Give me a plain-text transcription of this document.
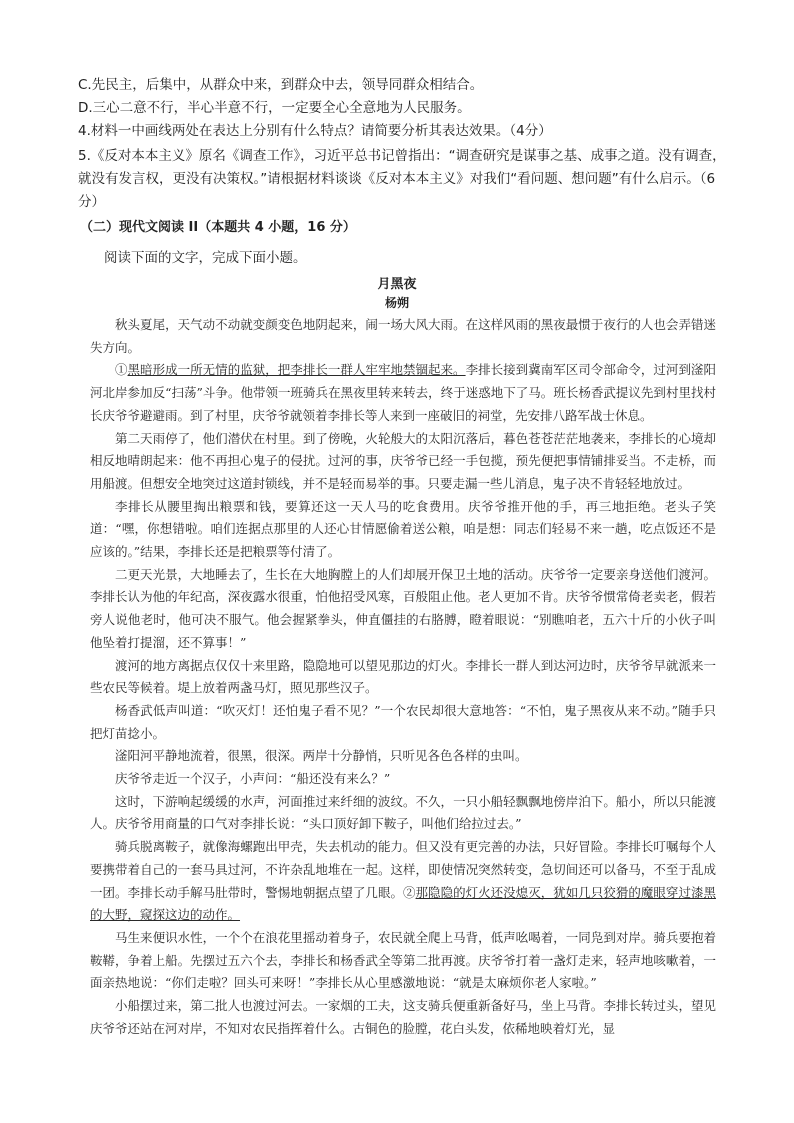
C.先民主，后集中，从群众中来，到群众中去，领导同群众相结合。

D.三心二意不行，半心半意不行，一定要全心全意地为人民服务。

4.材料一中画线两处在表达上分别有什么特点？请简要分析其表达效果。（4分）

5.《反对本本主义》原名《调查工作》，习近平总书记曾指出：“调查研究是谋事之基、成事之道。没有调查，就没有发言权，更没有决策权。”请根据材料谈谈《反对本本主义》对我们“看问题、想问题”有什么启示。（6分）

（二）现代文阅读 II（本题共 4 小题，16 分）

阅读下面的文字，完成下面小题。

月黑夜

杨朔

秋头夏尾，天气动不动就变颜变色地阴起来，闹一场大风大雨。在这样风雨的黑夜最惯于夜行的人也会弄错迷失方向。

①黑暗形成一所无情的监狱，把李排长一群人牢牢地禁锢起来。李排长接到冀南军区司令部命令，过河到滏阳河北岸参加反“扫荡”斗争。他带领一班骑兵在黑夜里转来转去，终于迷惑地下了马。班长杨香武提议先到村里找村长庆爷爷避避雨。到了村里，庆爷爷就领着李排长等人来到一座破旧的祠堂，先安排八路军战士休息。

第二天雨停了，他们潜伏在村里。到了傍晚，火轮般大的太阳沉落后，暮色苍苍茫茫地袭来，李排长的心境却相反地晴朗起来：他不再担心鬼子的侵扰。过河的事，庆爷爷已经一手包揽，预先便把事情铺排妥当。不走桥，而用船渡。但想安全地突过这道封锁线，并不是轻而易举的事。只要走漏一些儿消息，鬼子决不肯轻轻地放过。

李排长从腰里掏出粮票和钱，要算还这一天人马的吃食费用。庆爷爷推开他的手，再三地拒绝。老头子笑道：“嘿，你想错啦。咱们连据点那里的人还心甘情愿偷着送公粮，咱是想：同志们轻易不来一趟，吃点饭还不是应该的。”结果，李排长还是把粮票等付清了。

二更天光景，大地睡去了，生长在大地胸膛上的人们却展开保卫土地的活动。庆爷爷一定要亲身送他们渡河。李排长认为他的年纪高，深夜露水很重，怕他招受风寒，百般阻止他。老人更加不肯。庆爷爷惯常倚老卖老，假若旁人说他老时，他可决不服气。他会握紧拳头，伸直僵挂的右胳膊，瞪着眼说：“别瞧咱老，五六十斤的小伙子叫他坠着打提溜，还不算事！”

渡河的地方离据点仅仅十来里路，隐隐地可以望见那边的灯火。李排长一群人到达河边时，庆爷爷早就派来一些农民等候着。堤上放着两盏马灯，照见那些汉子。

杨香武低声叫道：“吹灭灯！还怕鬼子看不见？”一个农民却很大意地答：“不怕，鬼子黑夜从来不动。”随手只把灯苗捻小。

滏阳河平静地流着，很黑，很深。两岸十分静悄，只听见各色各样的虫叫。

庆爷爷走近一个汉子，小声问：“船还没有来么？”

这时，下游响起缓缓的水声，河面推过来纤细的波纹。不久，一只小船轻飘飘地傍岸泊下。船小，所以只能渡人。庆爷爷用商量的口气对李排长说：“头口顶好卸下鞍子，叫他们给拉过去。”

骑兵脱离鞍子，就像海螺跑出甲壳，失去机动的能力。但又没有更完善的办法，只好冒险。李排长叮嘱每个人要携带着自己的一套马具过河，不许杂乱地堆在一起。这样，即使情况突然转变，急切间还可以备马，不至于乱成一团。李排长动手解马肚带时，警惕地朝据点望了几眼。②那隐隐的灯火还没熄灭，犹如几只狡猾的魔眼穿过漆黑的大野，窥探这边的动作。

马生来便识水性，一个个在浪花里摇动着身子，农民就全爬上马背，低声吆喝着，一同凫到对岸。骑兵要抱着鞍鞯，争着上船。先摆过五六个去，李排长和杨香武全等第二批再渡。庆爷爷打着一盏灯走来，轻声地咳嗽着，一面亲热地说：“你们走啦？回头可来呀！”李排长从心里感激地说：“就是太麻烦你老人家啦。”

小船摆过来，第二批人也渡过河去。一家烟的工夫，这支骑兵便重新备好马，坐上马背。李排长转过头，望见庆爷爷还站在河对岸，不知对农民指挥着什么。古铜色的脸膛，花白头发，依稀地映着灯光，显
